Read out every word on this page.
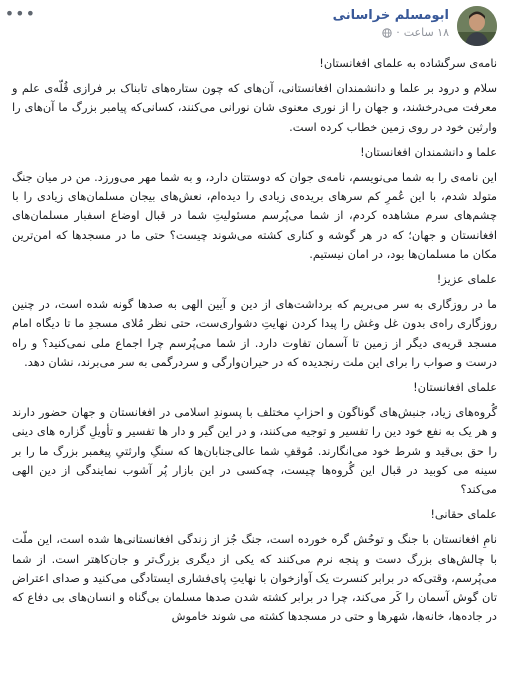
ابومسلم خراسانی
۱۸ ساعت
·
•••
نامه‌ی سرگشاده به علمای افغانستان!
سلام و درود بر علما و دانشمندان افغانستانی، آن‌های که چون ستاره‌های تابناک بر فرازی قُلّه‌ی علم و معرفت می‌درخشند، و جهان را از نوری معنوی شان نورانی می‌کنند، کسانی‌که پیامبر بزرگ ما آن‌های را وارثین خود در روی زمین خطاب کرده است.
علما و دانشمندان افغانستان!
این نامه‌ی را به شما می‌نویسم، نامه‌ی جوان که دوستتان دارد، و به شما مهر می‌ورزد. من در میان جنگ متولد شدم، با این عُمرِ کم سرهای بریده‌ی زیادی را دیده‌ام، نعش‌های بیجان مسلمان‌های زیادی را با چشم‌های سرم مشاهده کردم، از شما می‌پُرسم مسئولیتِ شما در قبال اوضاع اسفبار مسلمان‌های افغانستان و جهان؛ که در هر گوشه و کناری کشته می‌شوند چیست؟ حتی ما در مسجدها که امن‌ترین مکان ما مسلمان‌ها بود، در امان نیستیم.
علمای عزیز!
ما در روزگاری به سر می‌بریم که برداشت‌های از دین و آیین الهی به صدها گونه شده است، در چنین روزگاری راه‌ی بدون غل وغش را پیدا کردن نهایتِ دشواری‌ست، حتی نظر مُلای مسجدِ ما تا دیگاه امام مسجد قریه‌ی دیگر از زمین تا آسمان تفاوت دارد. از شما می‌پُرسم چرا اجماع ملی نمی‌کنید؟ و راه درست و صواب را برای این ملت رنجدیده که در حیران‌وارگی و سردرگمی به سر می‌برند، نشان دهد.
علمای افغانستان!
گُروه‌های زیاد، جنبش‌های گوناگون و احزابِ مختلف با پسوندِ اسلامی در افغانستان و جهان حضور دارند و هر یک به نفع خود دین را تفسیر و توجیه می‌کنند، و در این گیر و دار ها تفسیر و تأویلِ گزاره‌ های دینی را حق بی‌قید و شرط خود می‌انگارند. مُوقفِ شما عالی‌جنابان‌ها که سنگِ وارثتیِ پیغمبر بزرگ ما را بر سینه می کوبید در قبال این گُروه‌ها چیست، چه‌کسی در این بازار پُر آشوب نمایندگی از دین الهی می‌کند؟
علمای حقانی!
نامِ افغانستان با جنگ و توحُش گره خورده است، جنگ جُز از زندگی افغانستانی‌ها شده است، این ملّت با چالش‌های بزرگ دست و پنجه نرم می‌کنند که یکی از دیگری بزرگ‌تر و جان‌کاهتر است. از شما می‌پُرسم، وقتی‌که در برابر کنسرت یک آوازخوان با نهایتِ پای‌فشاری ایستادگی می‌کنید و صدای اعتراض تان گوش آسمان را کَر می‌کند، چرا در برابر کشته شدن صدها مسلمان بی‌گناه و انسان‌های بی دفاع که در جاده‌ها، خانه‌ها، شهرها و حتی در مسجدها کشته می شوند خاموش
